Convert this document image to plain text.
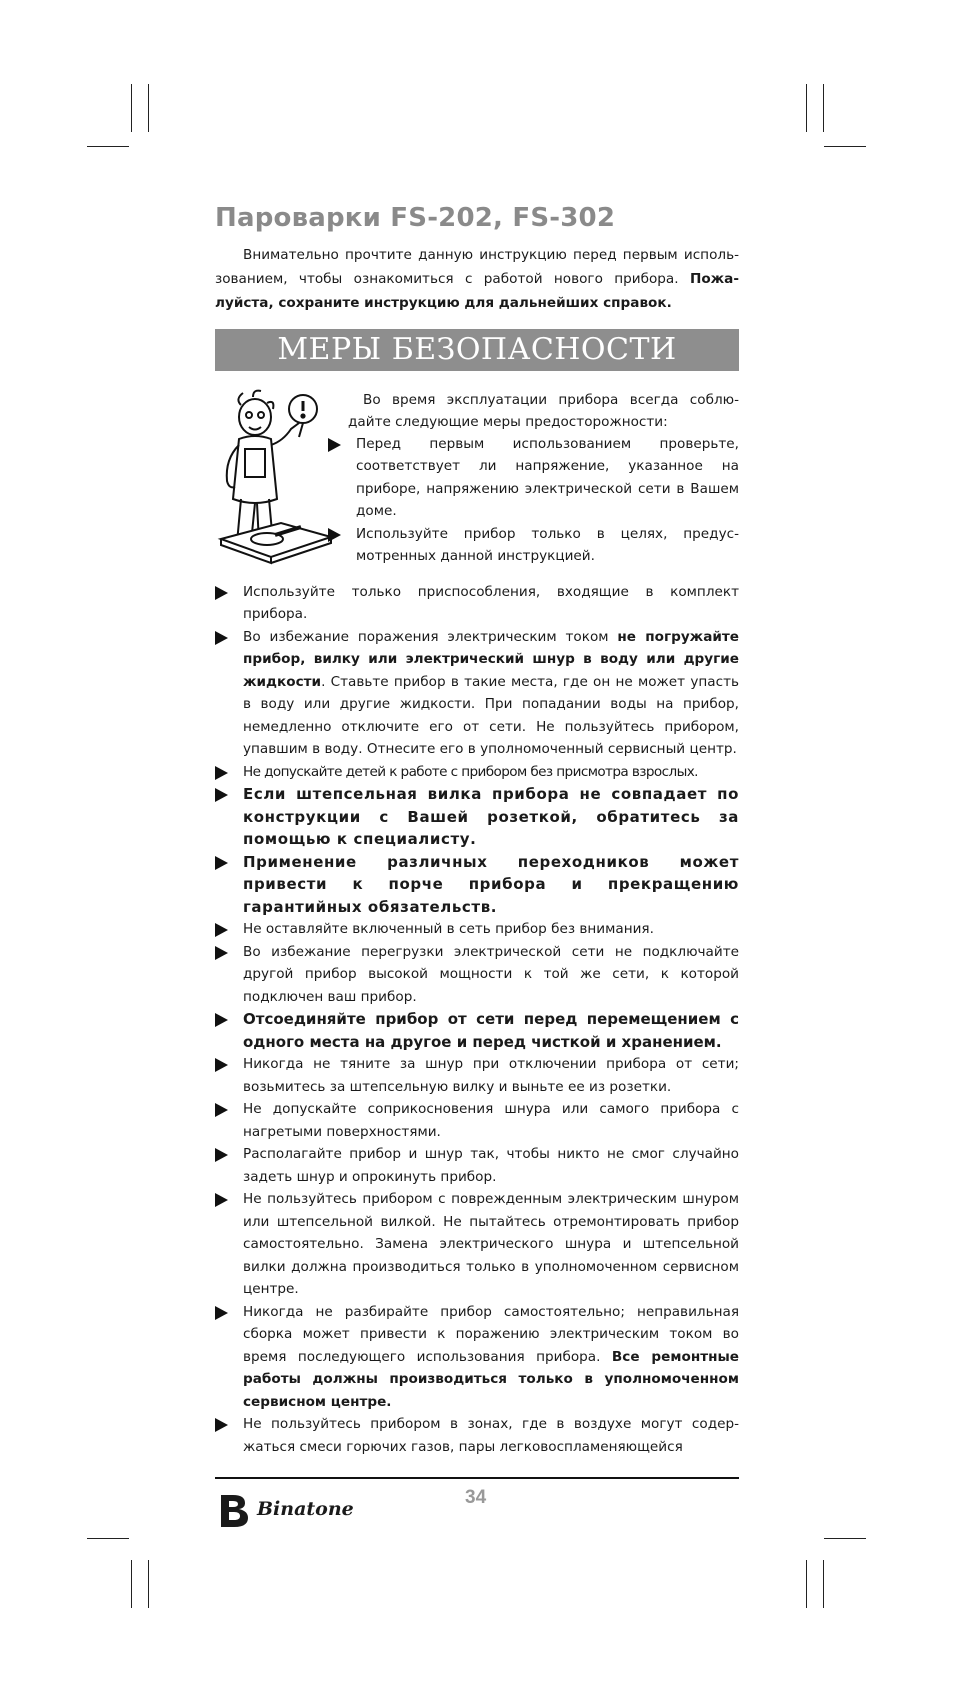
Пароварки FS-202, FS-302

Внимательно прочтите данную инструкцию перед первым исполь-зованием, чтобы ознакомиться с работой нового прибора. Пожа-луйста, сохраните инструкцию для дальнейших справок.

МЕРЫ БЕЗОПАСНОСТИ

Во время эксплуатации прибора всегда соблю-дайте следующие меры предосторожности:

Перед первым использованием проверьте, соответствует ли напряжение, указанное на приборе, напряжению электрической сети в Вашем доме.
Используйте прибор только в целях, предус-мотренных данной инструкцией.
Используйте только приспособления, входящие в комплект прибора.
Во избежание поражения электрическим током не погружайте прибор, вилку или электрический шнур в воду или другие жидкости. Ставьте прибор в такие места, где он не может упасть в воду или другие жидкости. При попадании воды на прибор, немедленно отключите его от сети. Не пользуйтесь прибором, упавшим в воду. Отнесите его в уполномоченный сервисный центр.
Не допускайте детей к работе с прибором без присмотра взрослых.
Если штепсельная вилка прибора не совпадает по конструкции с Вашей розеткой, обратитесь за помощью к специалисту.
Применение различных переходников может привести к порче прибора и прекращению гарантийных обязательств.
Не оставляйте включенный в сеть прибор без внимания.
Во избежание перегрузки электрической сети не подключайте другой прибор высокой мощности к той же сети, к которой подключен ваш прибор.
Отсоединяйте прибор от сети перед перемещением с одного места на другое и перед чисткой и хранением.
Никогда не тяните за шнур при отключении прибора от сети; возьмитесь за штепсельную вилку и выньте ее из розетки.
Не допускайте соприкосновения шнура или самого прибора с нагретыми поверхностями.
Располагайте прибор и шнур так, чтобы никто не смог случайно задеть шнур и опрокинуть прибор.
Не пользуйтесь прибором с поврежденным электрическим шнуром или штепсельной вилкой. Не пытайтесь отремонтировать прибор самостоятельно. Замена электрического шнура и штепсельной вилки должна производиться только в уполномоченном сервисном центре.
Никогда не разбирайте прибор самостоятельно; неправильная сборка может привести к поражению электрическим током во время последующего использования прибора. Все ремонтные работы должны производиться только в уполномоченном сервисном центре.
Не пользуйтесь прибором в зонах, где в воздухе могут содер-жаться смеси горючих газов, пары легковоспламеняющейся
Binatone
34
